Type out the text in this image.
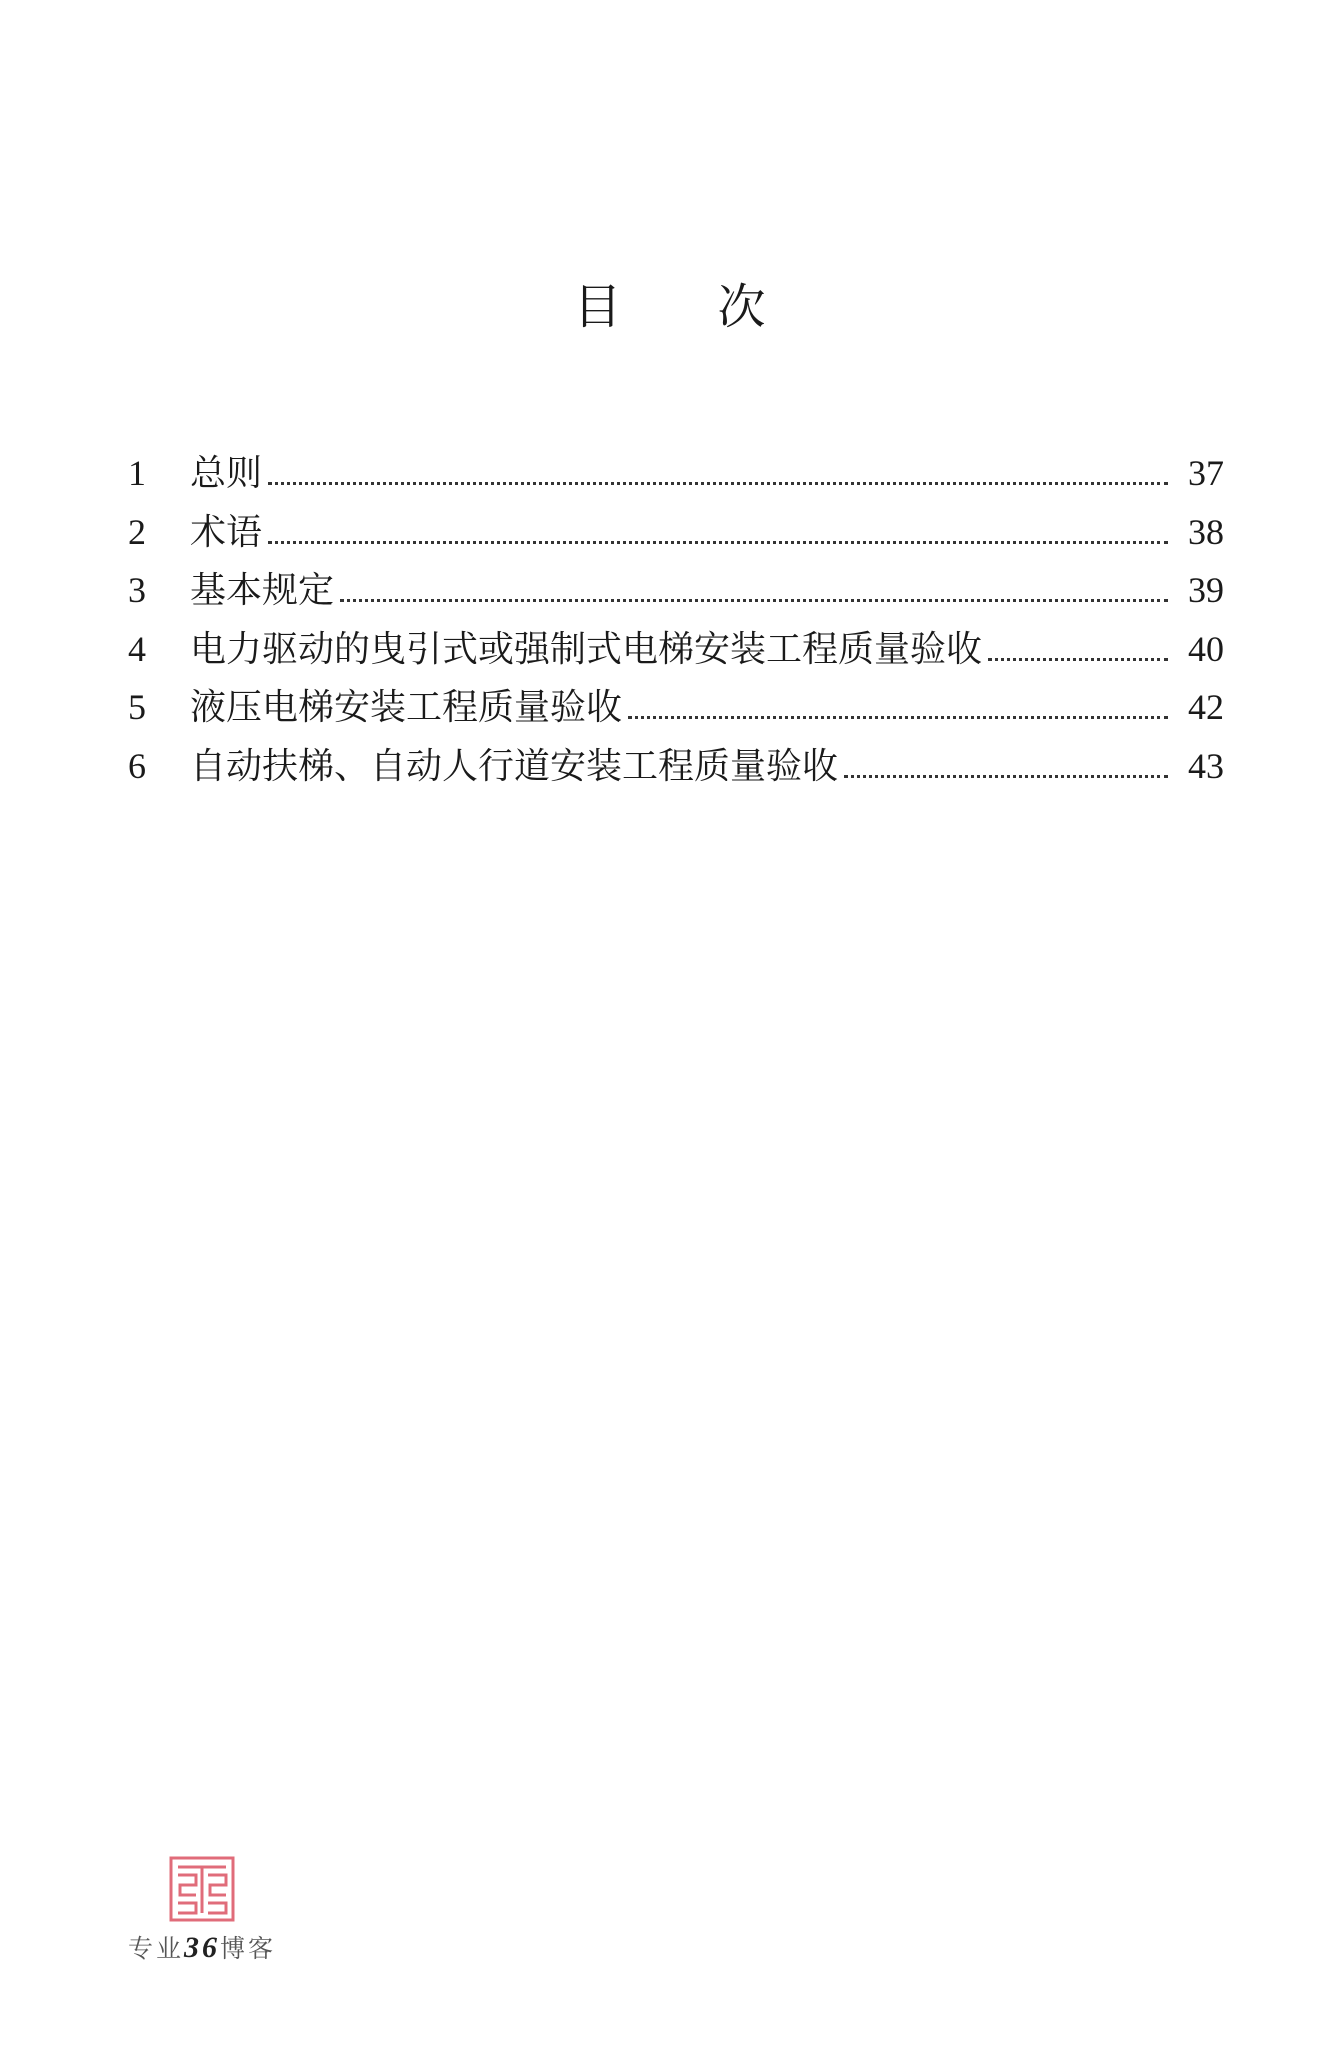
目 次
1	总则	37
2	术语	38
3	基本规定	39
4	电力驱动的曳引式或强制式电梯安装工程质量验收	40
5	液压电梯安装工程质量验收	42
6	自动扶梯、自动人行道安装工程质量验收	43
专业36博客
